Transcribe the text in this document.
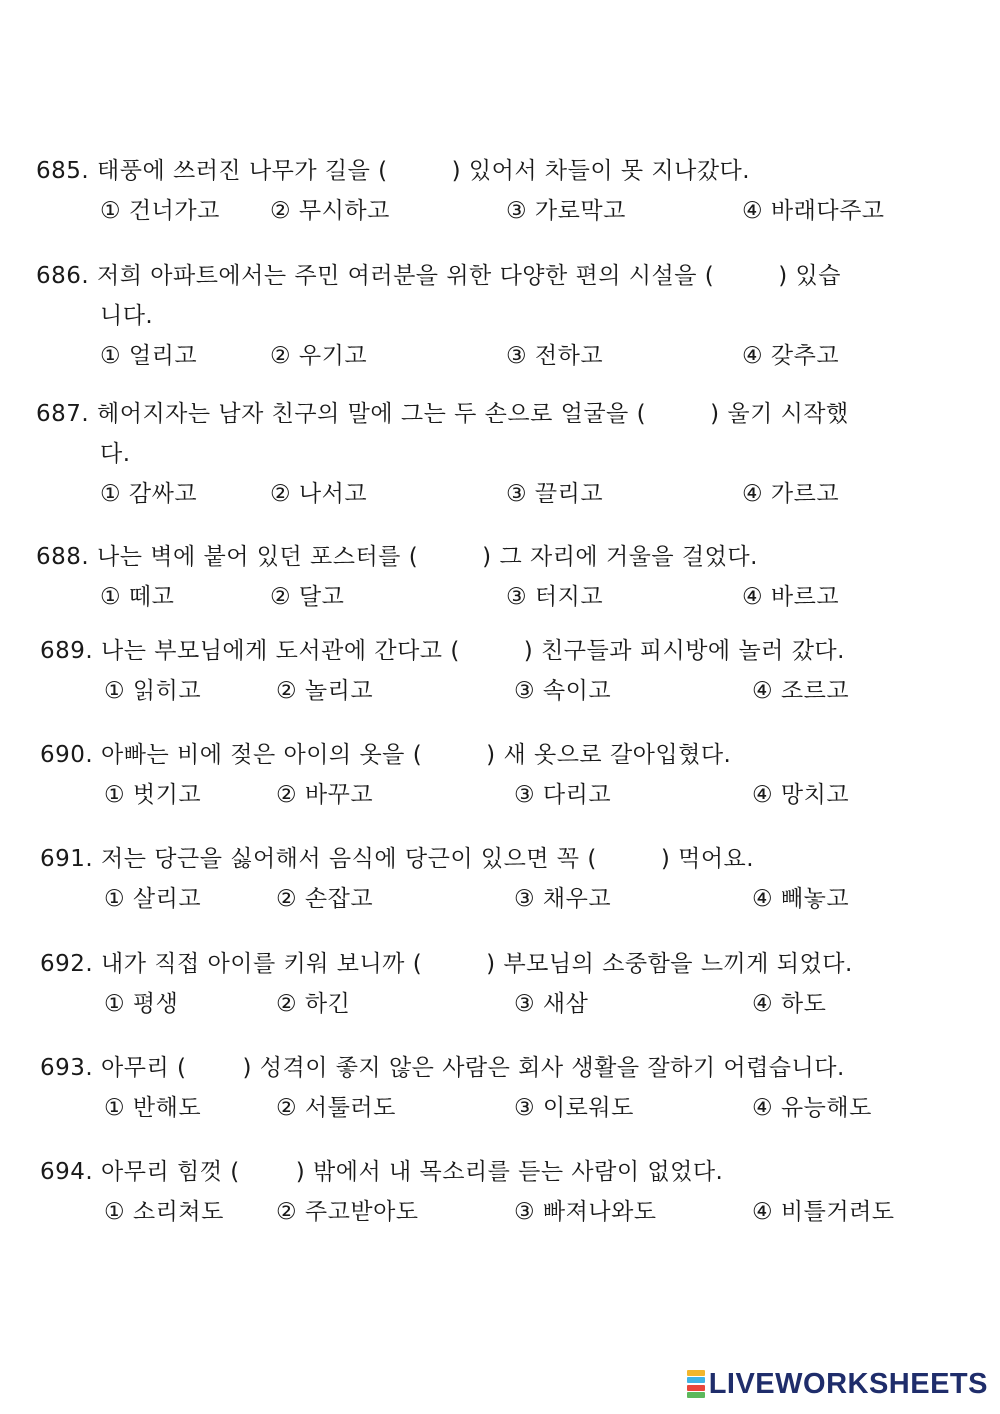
685. 태풍에 쓰러진 나무가 길을 (	) 있어서 차들이 못 지나갔다.
① 건너가고 ② 무시하고	③ 가로막고	④ 바래다주고
686. 저희 아파트에서는 주민 여러분을 위한 다양한 편의 시설을 (	) 있습
니다.
① 얼리고	② 우기고	③ 전하고	④ 갖추고
687. 헤어지자는 남자 친구의 말에 그는 두 손으로 얼굴을 (	) 울기 시작했
다.
① 감싸고	② 나서고	③ 끌리고	④ 가르고
688. 나는 벽에 붙어 있던 포스터를 (	) 그 자리에 거울을 걸었다.
① 떼고	② 달고	③ 터지고	④ 바르고
689. 나는 부모님에게 도서관에 간다고 (	) 친구들과 피시방에 놀러 갔다.
① 읽히고	② 놀리고	③ 속이고	④ 조르고
690. 아빠는 비에 젖은 아이의 옷을 (	) 새 옷으로 갈아입혔다.
① 벗기고	② 바꾸고	③ 다리고	④ 망치고
691. 저는 당근을 싫어해서 음식에 당근이 있으면 꼭 (	) 먹어요.
① 살리고	② 손잡고	③ 채우고	④ 빼놓고
692. 내가 직접 아이를 키워 보니까 (	) 부모님의 소중함을 느끼게 되었다.
① 평생	② 하긴	③ 새삼	④ 하도
693. 아무리 ( ) 성격이 좋지 않은 사람은 회사 생활을 잘하기 어렵습니다.
① 반해도	② 서툴러도	③ 이로워도	④ 유능해도
694. 아무리 힘껏 ( ) 밖에서 내 목소리를 듣는 사람이 없었다.
① 소리쳐도 ② 주고받아도	③ 빠져나와도	④ 비틀거려도
LIVEWORKSHEETS
